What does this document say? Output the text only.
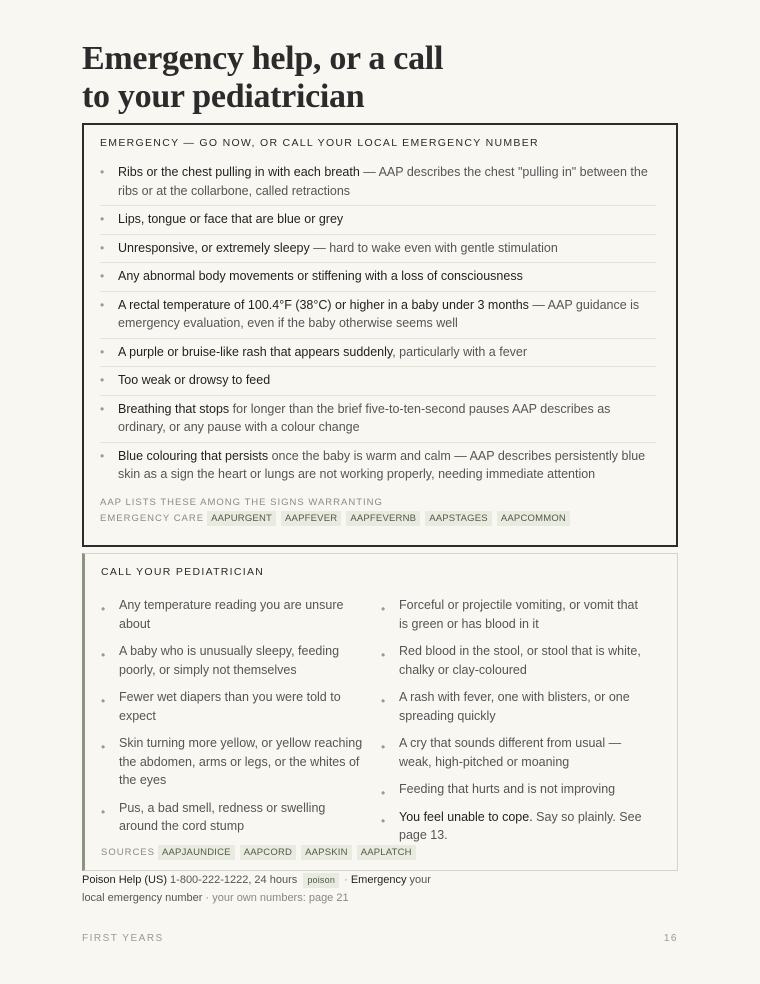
Emergency help, or a call
to your pediatrician
EMERGENCY — GO NOW, OR CALL YOUR LOCAL EMERGENCY NUMBER
• Ribs or the chest pulling in with each breath — AAP describes the chest "pulling in" between the ribs or at the collarbone, called retractions
• Lips, tongue or face that are blue or grey
• Unresponsive, or extremely sleepy — hard to wake even with gentle stimulation
• Any abnormal body movements or stiffening with a loss of consciousness
• A rectal temperature of 100.4°F (38°C) or higher in a baby under 3 months — AAP guidance is emergency evaluation, even if the baby otherwise seems well
• A purple or bruise-like rash that appears suddenly, particularly with a fever
• Too weak or drowsy to feed
• Breathing that stops for longer than the brief five-to-ten-second pauses AAP describes as ordinary, or any pause with a colour change
• Blue colouring that persists once the baby is warm and calm — AAP describes persistently blue skin as a sign the heart or lungs are not working properly, needing immediate attention
AAP LISTS THESE AMONG THE SIGNS WARRANTING
EMERGENCY CARE AAPURGENT AAPFEVER AAPFEVERNB AAPSTAGES AAPCOMMON
CALL YOUR PEDIATRICIAN
• Any temperature reading you are unsure about
• A baby who is unusually sleepy, feeding poorly, or simply not themselves
• Fewer wet diapers than you were told to expect
• Skin turning more yellow, or yellow reaching the abdomen, arms or legs, or the whites of the eyes
• Pus, a bad smell, redness or swelling around the cord stump
• Forceful or projectile vomiting, or vomit that is green or has blood in it
• Red blood in the stool, or stool that is white, chalky or clay-coloured
• A rash with fever, one with blisters, or one spreading quickly
• A cry that sounds different from usual — weak, high-pitched or moaning
• Feeding that hurts and is not improving
• You feel unable to cope. Say so plainly. See page 13.
SOURCES AAPJAUNDICE AAPCORD AAPSKIN AAPLATCH
Poison Help (US) 1-800-222-1222, 24 hours poison · Emergency your local emergency number · your own numbers: page 21
FIRST YEARS	16
